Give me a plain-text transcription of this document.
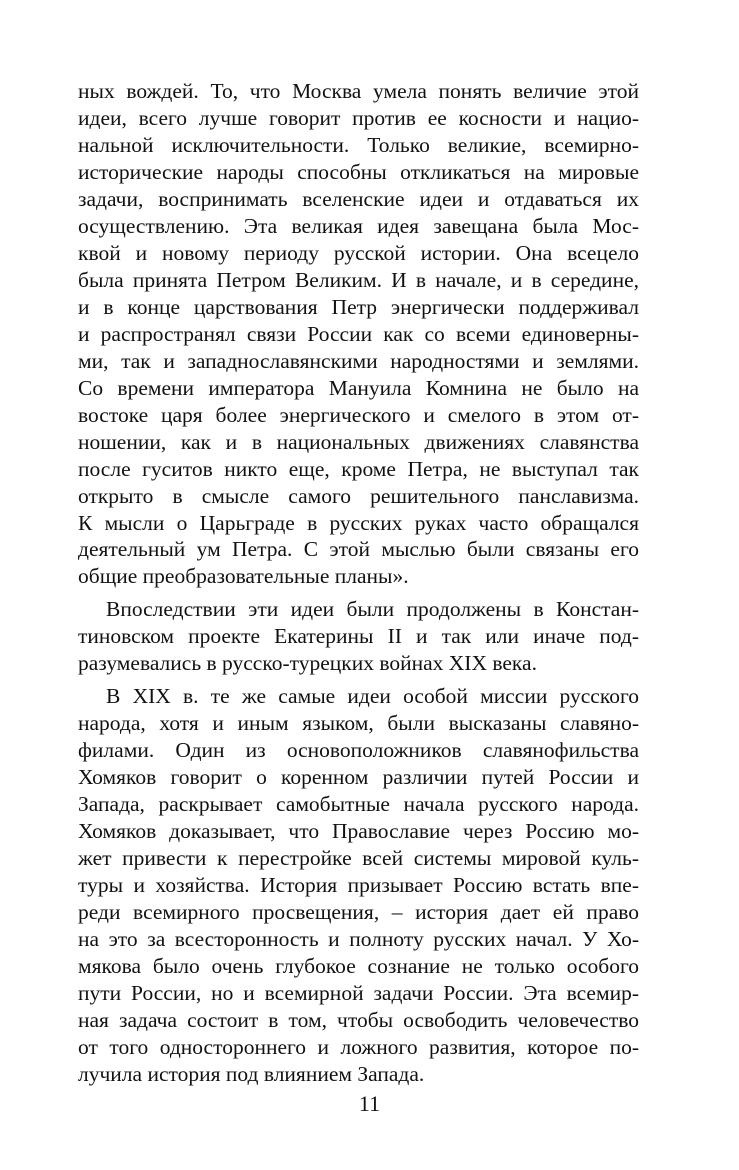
ных вождей. То, что Москва умела понять величие этой
идеи, всего лучше говорит против ее косности и нацио-
нальной исключительности. Только великие, всемирно-
исторические народы способны откликаться на мировые
задачи, воспринимать вселенские идеи и отдаваться их
осуществлению. Эта великая идея завещана была Мос-
квой и новому периоду русской истории. Она всецело
была принята Петром Великим. И в начале, и в середине,
и в конце царствования Петр энергически поддерживал
и распространял связи России как со всеми единоверны-
ми, так и западнославянскими народностями и землями.
Со времени императора Мануила Комнина не было на
востоке царя более энергического и смелого в этом от-
ношении, как и в национальных движениях славянства
после гуситов никто еще, кроме Петра, не выступал так
открыто в смысле самого решительного панславизма.
К мысли о Царьграде в русских руках часто обращался
деятельный ум Петра. С этой мыслью были связаны его
общие преобразовательные планы».
Впоследствии эти идеи были продолжены в Констан-
тиновском проекте Екатерины II и так или иначе под-
разумевались в русско-турецких войнах XIX века.
В XIX в. те же самые идеи особой миссии русского
народа, хотя и иным языком, были высказаны славяно-
филами. Один из основоположников славянофильства
Хомяков говорит о коренном различии путей России и
Запада, раскрывает самобытные начала русского народа.
Хомяков доказывает, что Православие через Россию мо-
жет привести к перестройке всей системы мировой куль-
туры и хозяйства. История призывает Россию встать впе-
реди всемирного просвещения, – история дает ей право
на это за всесторонность и полноту русских начал. У Хо-
мякова было очень глубокое сознание не только особого
пути России, но и всемирной задачи России. Эта всемир-
ная задача состоит в том, чтобы освободить человечество
от того одностороннего и ложного развития, которое по-
лучила история под влиянием Запада.
11
